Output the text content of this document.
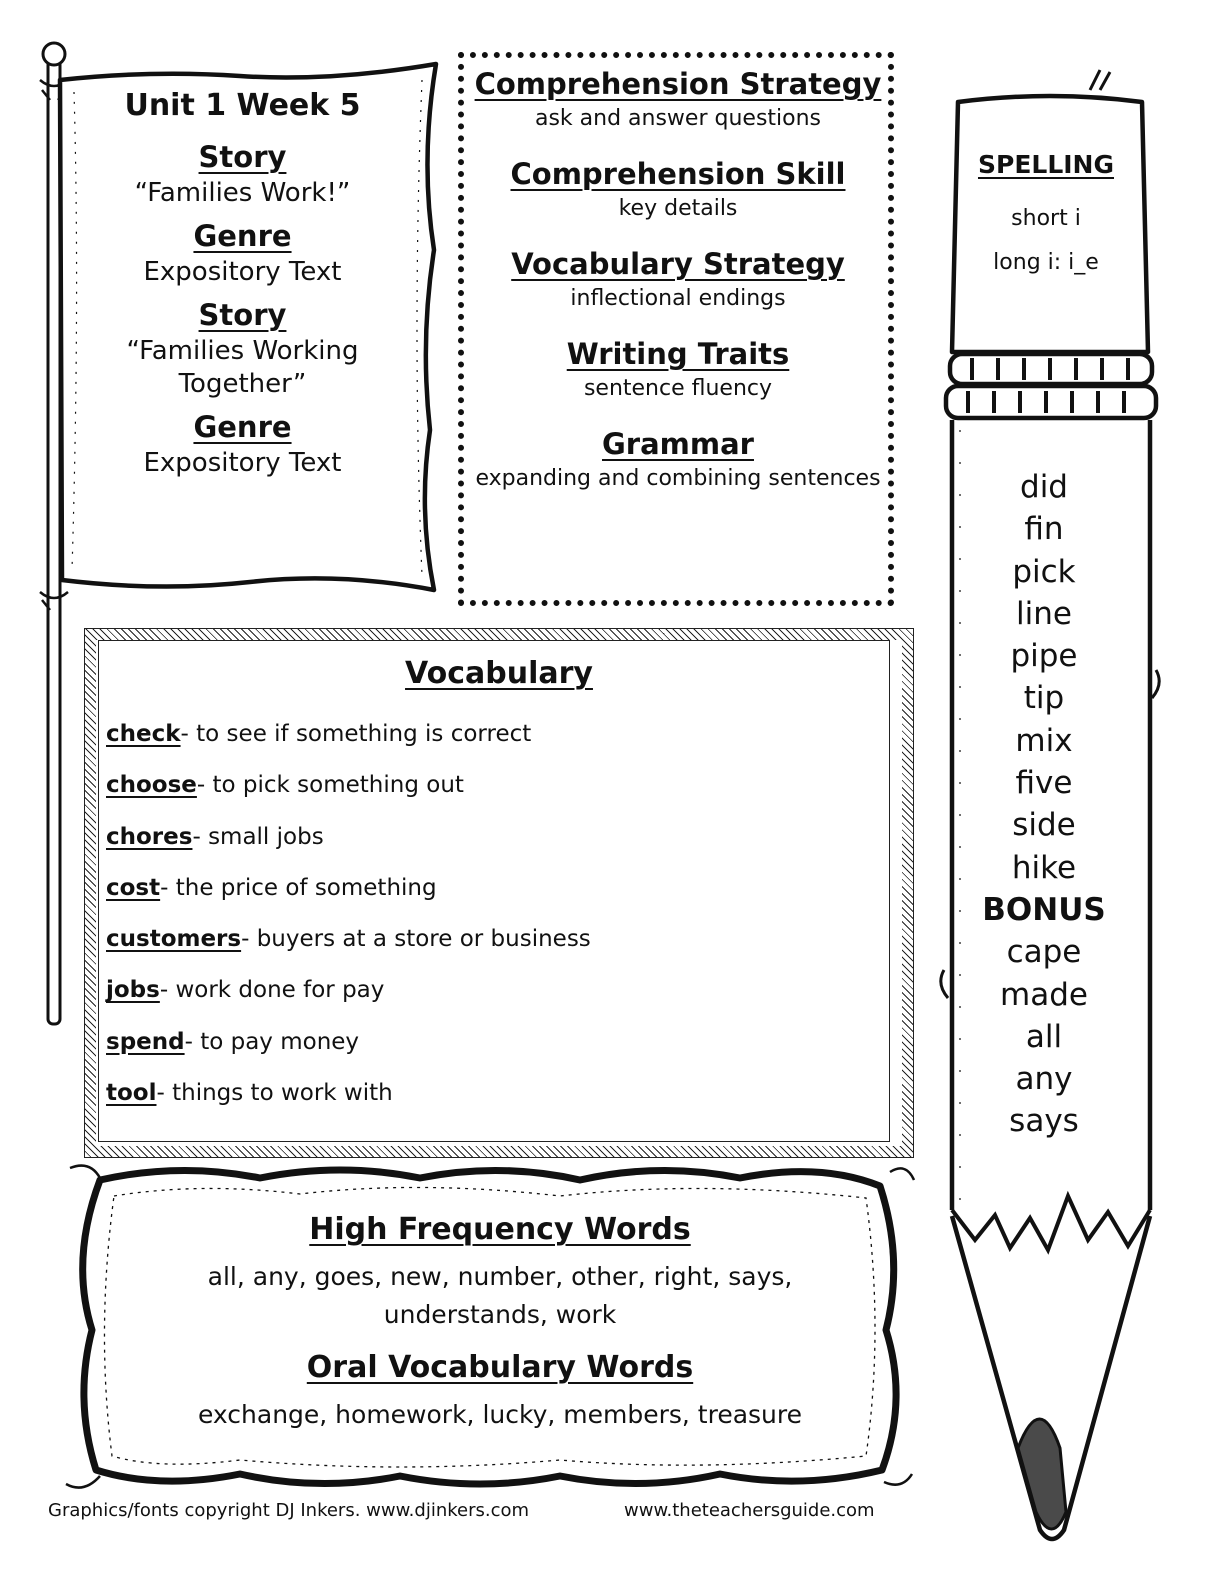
Unit 1 Week 5
Story
“Families Work!”
Genre
Expository Text
Story
“Families Working Together”
Genre
Expository Text
Comprehension Strategy
ask and answer questions
Comprehension Skill
key details
Vocabulary Strategy
inflectional endings
Writing Traits
sentence fluency
Grammar
expanding and combining sentences
Vocabulary
check- to see if something is correct
choose- to pick something out
chores- small jobs
cost- the price of something
customers- buyers at a store or business
jobs- work done for pay
spend- to pay money
tool- things to work with
High Frequency Words
all, any, goes, new, number, other, right, says, understands, work
Oral Vocabulary Words
exchange, homework, lucky, members, treasure
SPELLING
short i
long i: i_e
did
fin
pick
line
pipe
tip
mix
five
side
hike
BONUS
cape
made
all
any
says
Graphics/fonts copyright DJ Inkers. www.djinkers.com	www.theteachersguide.com
